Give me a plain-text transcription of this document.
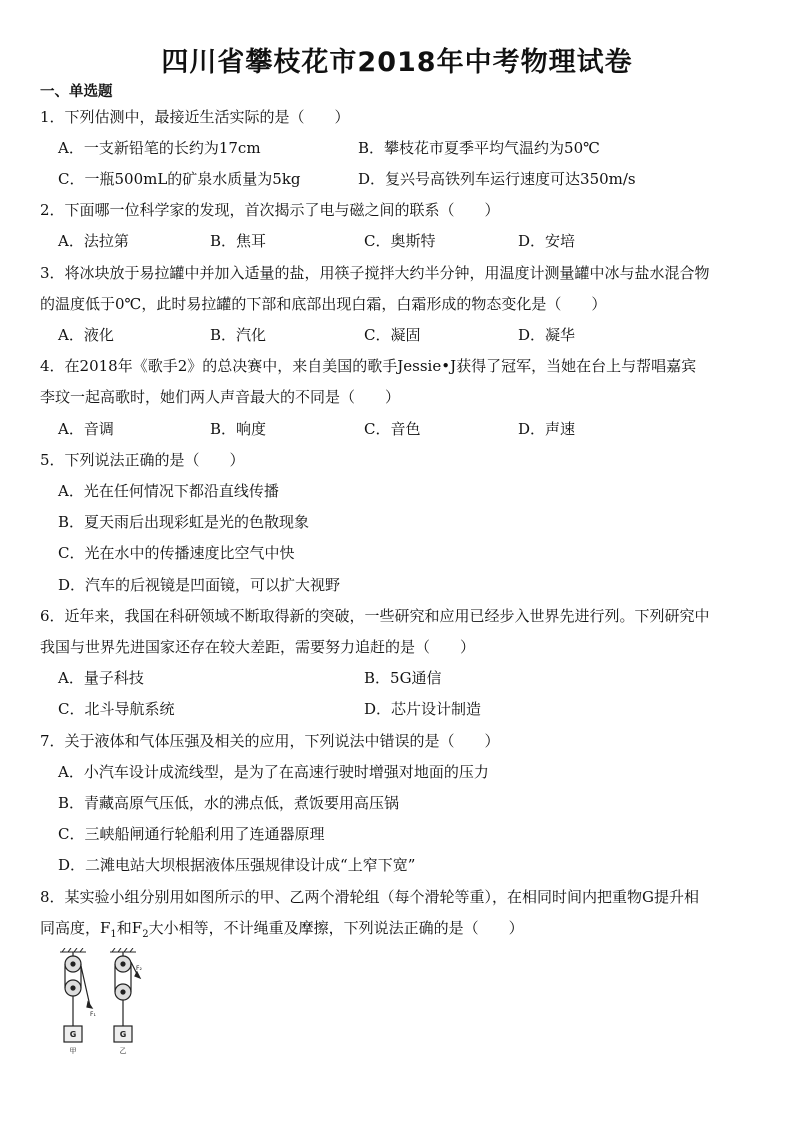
四川省攀枝花市2018年中考物理试卷
一、单选题
1．下列估测中，最接近生活实际的是（　　）
A．一支新铅笔的长约为17cm	B．攀枝花市夏季平均气温约为50℃
C．一瓶500mL的矿泉水质量为5kg	D．复兴号高铁列车运行速度可达350m/s
2．下面哪一位科学家的发现，首次揭示了电与磁之间的联系（　　）
A．法拉第	B．焦耳	C．奥斯特	D．安培
3．将冰块放于易拉罐中并加入适量的盐，用筷子搅拌大约半分钟，用温度计测量罐中冰与盐水混合物
的温度低于0℃，此时易拉罐的下部和底部出现白霜，白霜形成的物态变化是（　　）
A．液化	B．汽化	C．凝固	D．凝华
4．在2018年《歌手2》的总决赛中，来自美国的歌手Jessie•J获得了冠军，当她在台上与帮唱嘉宾
李玟一起高歌时，她们两人声音最大的不同是（　　）
A．音调	B．响度	C．音色	D．声速
5．下列说法正确的是（　　）
A．光在任何情况下都沿直线传播
B．夏天雨后出现彩虹是光的色散现象
C．光在水中的传播速度比空气中快
D．汽车的后视镜是凹面镜，可以扩大视野
6．近年来，我国在科研领域不断取得新的突破，一些研究和应用已经步入世界先进行列。下列研究中
我国与世界先进国家还存在较大差距，需要努力追赶的是（　　）
A．量子科技	B．5G通信
C．北斗导航系统	D．芯片设计制造
7．关于液体和气体压强及相关的应用，下列说法中错误的是（　　）
A．小汽车设计成流线型，是为了在高速行驶时增强对地面的压力
B．青藏高原气压低，水的沸点低，煮饭要用高压锅
C．三峡船闸通行轮船利用了连通器原理
D．二滩电站大坝根据液体压强规律设计成“上窄下宽”
8．某实验小组分别用如图所示的甲、乙两个滑轮组（每个滑轮等重），在相同时间内把重物G提升相
同高度，$F_1$和$F_2$大小相等，不计绳重及摩擦，下列说法正确的是（　　）
F₁
F₂
G	G
甲	乙
